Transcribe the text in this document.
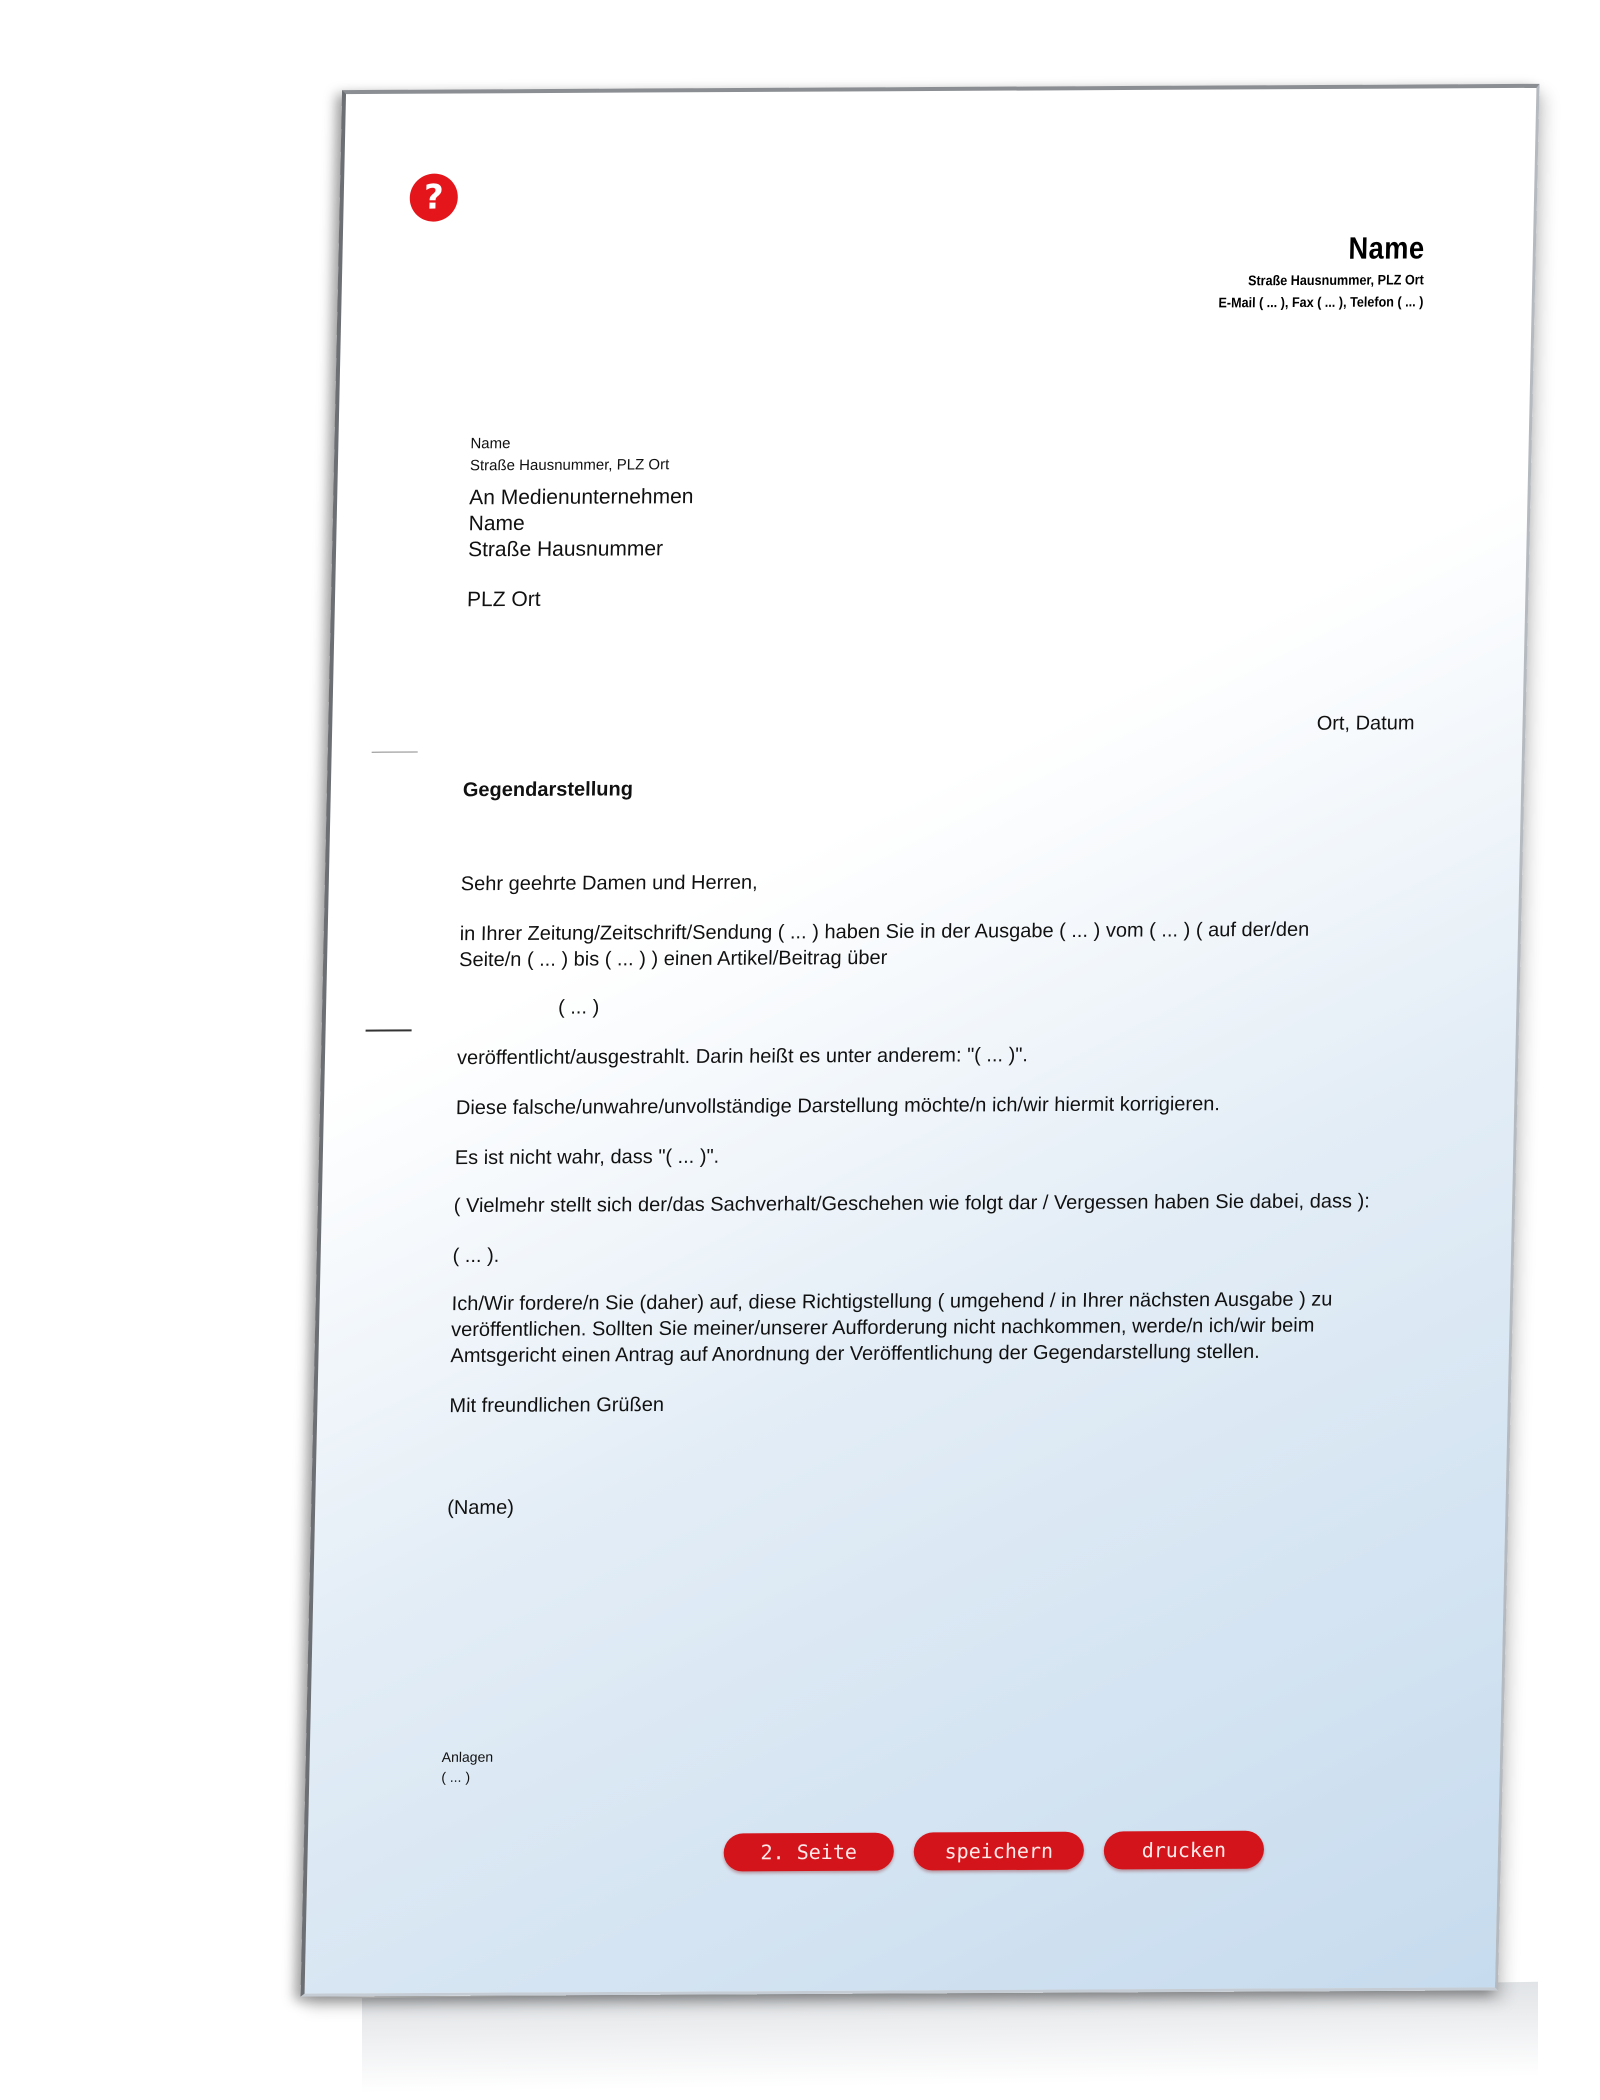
?
Name
Straße Hausnummer, PLZ Ort
E-Mail ( ... ), Fax ( ... ), Telefon ( ... )
Name
Straße Hausnummer, PLZ Ort
An Medienunternehmen
Name
Straße Hausnummer
PLZ Ort
Ort, Datum
Gegendarstellung
Sehr geehrte Damen und Herren,
in Ihrer Zeitung/Zeitschrift/Sendung ( ... ) haben Sie in der Ausgabe ( ... ) vom ( ... ) ( auf der/den
Seite/n ( ... ) bis ( ... ) ) einen Artikel/Beitrag über
( ... )
veröffentlicht/ausgestrahlt. Darin heißt es unter anderem: "( ... )".
Diese falsche/unwahre/unvollständige Darstellung möchte/n ich/wir hiermit korrigieren.
Es ist nicht wahr, dass "( ... )".
( Vielmehr stellt sich der/das Sachverhalt/Geschehen wie folgt dar / Vergessen haben Sie dabei, dass ):
( ... ).
Ich/Wir fordere/n Sie (daher) auf, diese Richtigstellung ( umgehend / in Ihrer nächsten Ausgabe ) zu
veröffentlichen. Sollten Sie meiner/unserer Aufforderung nicht nachkommen, werde/n ich/wir beim
Amtsgericht einen Antrag auf Anordnung der Veröffentlichung der Gegendarstellung stellen.
Mit freundlichen Grüßen
(Name)
Anlagen
( ... )
2. Seite	speichern	drucken
